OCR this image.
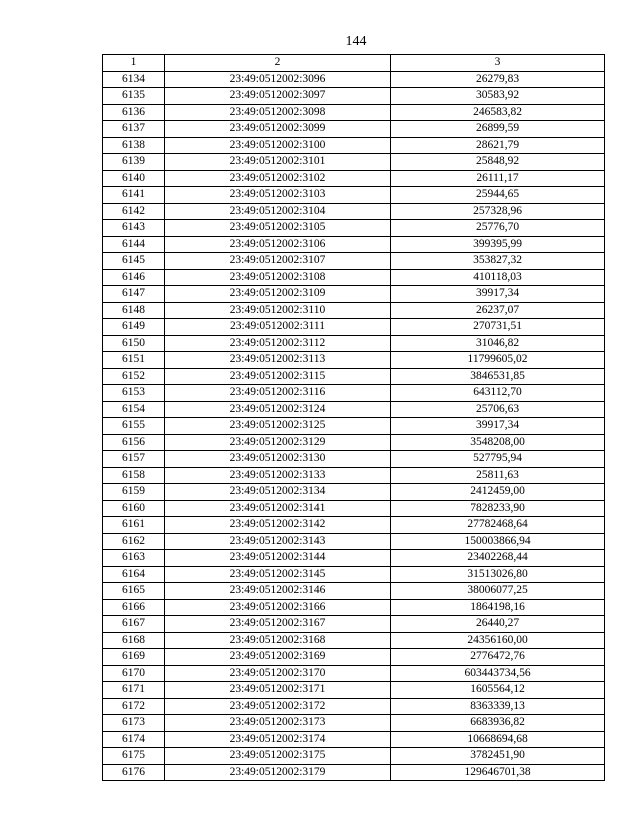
144
1	2	3
6134	23:49:0512002:3096	26279,83
6135	23:49:0512002:3097	30583,92
6136	23:49:0512002:3098	246583,82
6137	23:49:0512002:3099	26899,59
6138	23:49:0512002:3100	28621,79
6139	23:49:0512002:3101	25848,92
6140	23:49:0512002:3102	26111,17
6141	23:49:0512002:3103	25944,65
6142	23:49:0512002:3104	257328,96
6143	23:49:0512002:3105	25776,70
6144	23:49:0512002:3106	399395,99
6145	23:49:0512002:3107	353827,32
6146	23:49:0512002:3108	410118,03
6147	23:49:0512002:3109	39917,34
6148	23:49:0512002:3110	26237,07
6149	23:49:0512002:3111	270731,51
6150	23:49:0512002:3112	31046,82
6151	23:49:0512002:3113	11799605,02
6152	23:49:0512002:3115	3846531,85
6153	23:49:0512002:3116	643112,70
6154	23:49:0512002:3124	25706,63
6155	23:49:0512002:3125	39917,34
6156	23:49:0512002:3129	3548208,00
6157	23:49:0512002:3130	527795,94
6158	23:49:0512002:3133	25811,63
6159	23:49:0512002:3134	2412459,00
6160	23:49:0512002:3141	7828233,90
6161	23:49:0512002:3142	27782468,64
6162	23:49:0512002:3143	150003866,94
6163	23:49:0512002:3144	23402268,44
6164	23:49:0512002:3145	31513026,80
6165	23:49:0512002:3146	38006077,25
6166	23:49:0512002:3166	1864198,16
6167	23:49:0512002:3167	26440,27
6168	23:49:0512002:3168	24356160,00
6169	23:49:0512002:3169	2776472,76
6170	23:49:0512002:3170	603443734,56
6171	23:49:0512002:3171	1605564,12
6172	23:49:0512002:3172	8363339,13
6173	23:49:0512002:3173	6683936,82
6174	23:49:0512002:3174	10668694,68
6175	23:49:0512002:3175	3782451,90
6176	23:49:0512002:3179	129646701,38
